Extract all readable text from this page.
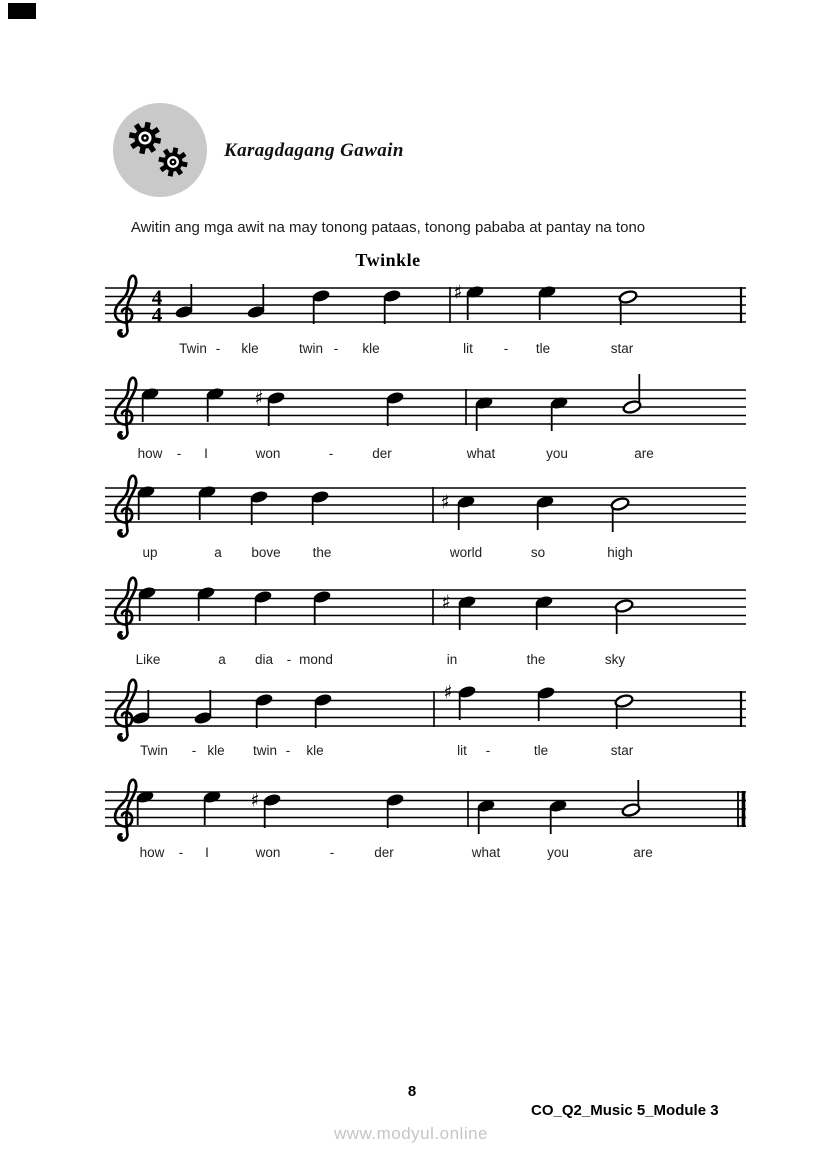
4
4
♯
Twin - kle	twin - kle	lit - tle	star
♯
how - I	won	-	der	what	you	are
♯
up	a bove the	world	so	high
♯
Like	a dia - mond	in	the	sky
♯
Twin - kle twin - kle	lit -	tle	star
♯
how - I	won	-	der	what	you	are
Karagdagang Gawain
Awitin ang mga awit na may tonong pataas, tonong pababa at pantay na tono
Twinkle
8
CO_Q2_Music 5_Module 3
www.modyul.online
